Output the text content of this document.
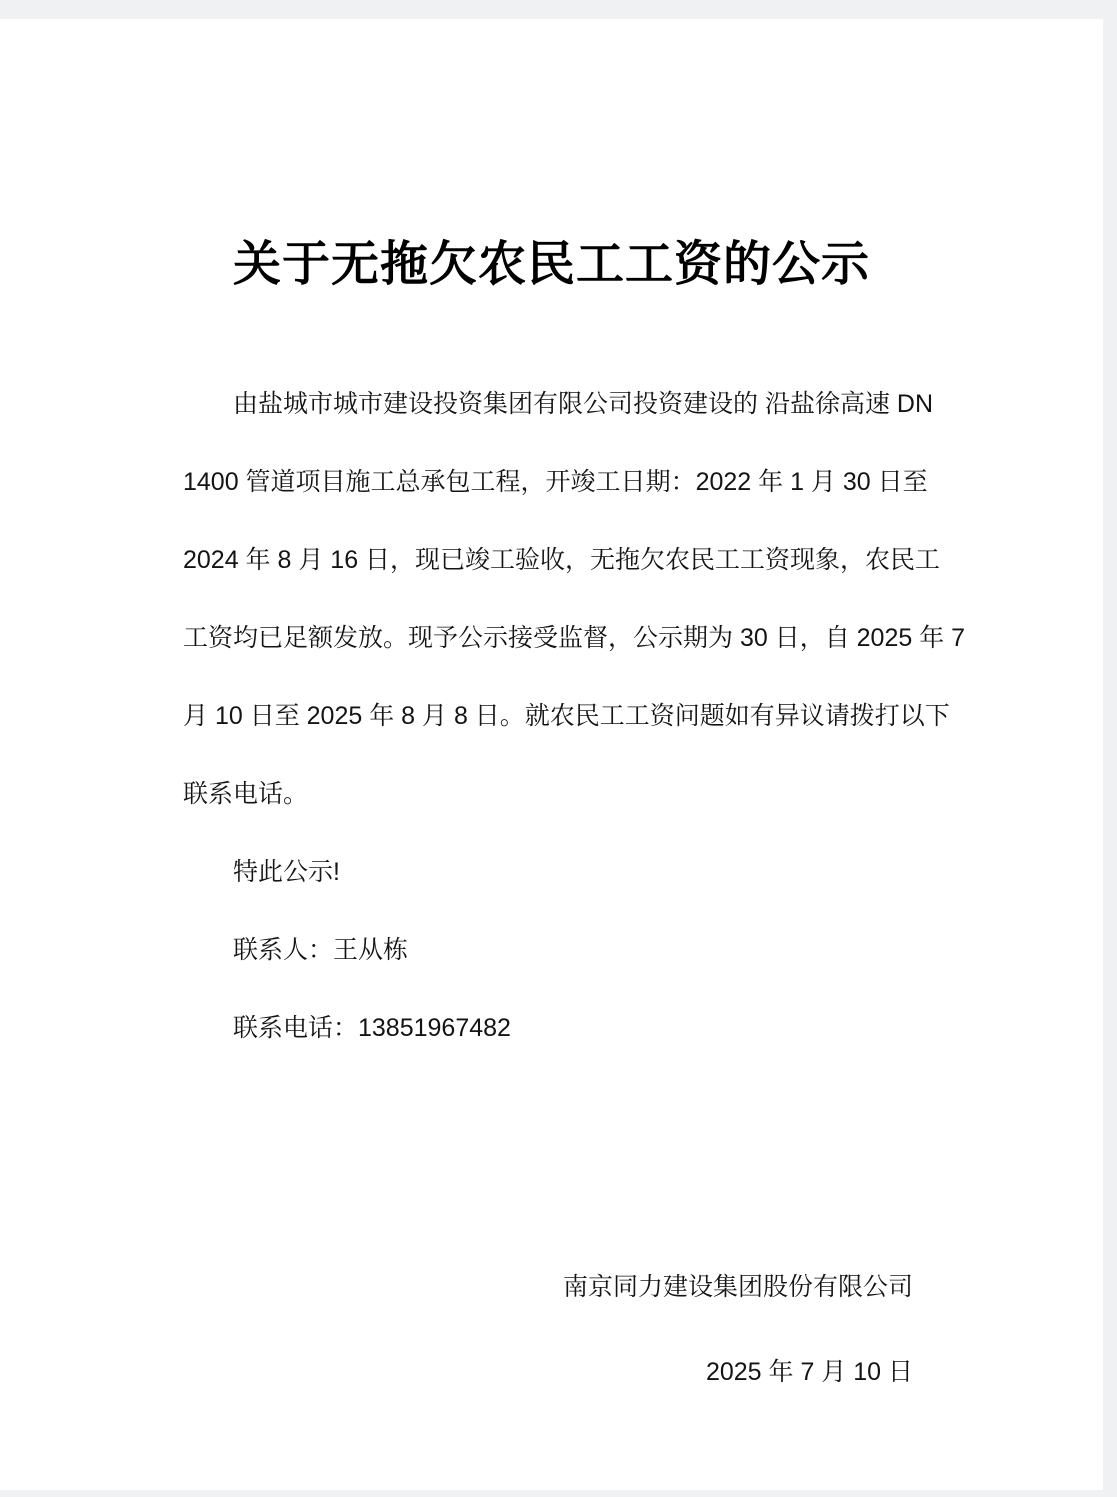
关于无拖欠农民工工资的公示

由盐城市城市建设投资集团有限公司投资建设的 沿盐徐高速 DN

1400 管道项目施工总承包工程，开竣工日期：2022 年 1 月 30 日至

2024 年 8 月 16 日，现已竣工验收，无拖欠农民工工资现象，农民工

工资均已足额发放。现予公示接受监督，公示期为 30 日，自 2025 年 7

月 10 日至 2025 年 8 月 8 日。就农民工工资问题如有异议请拨打以下

联系电话。

特此公示!

联系人：王从栋

联系电话：13851967482

南京同力建设集团股份有限公司

2025 年 7 月 10 日
